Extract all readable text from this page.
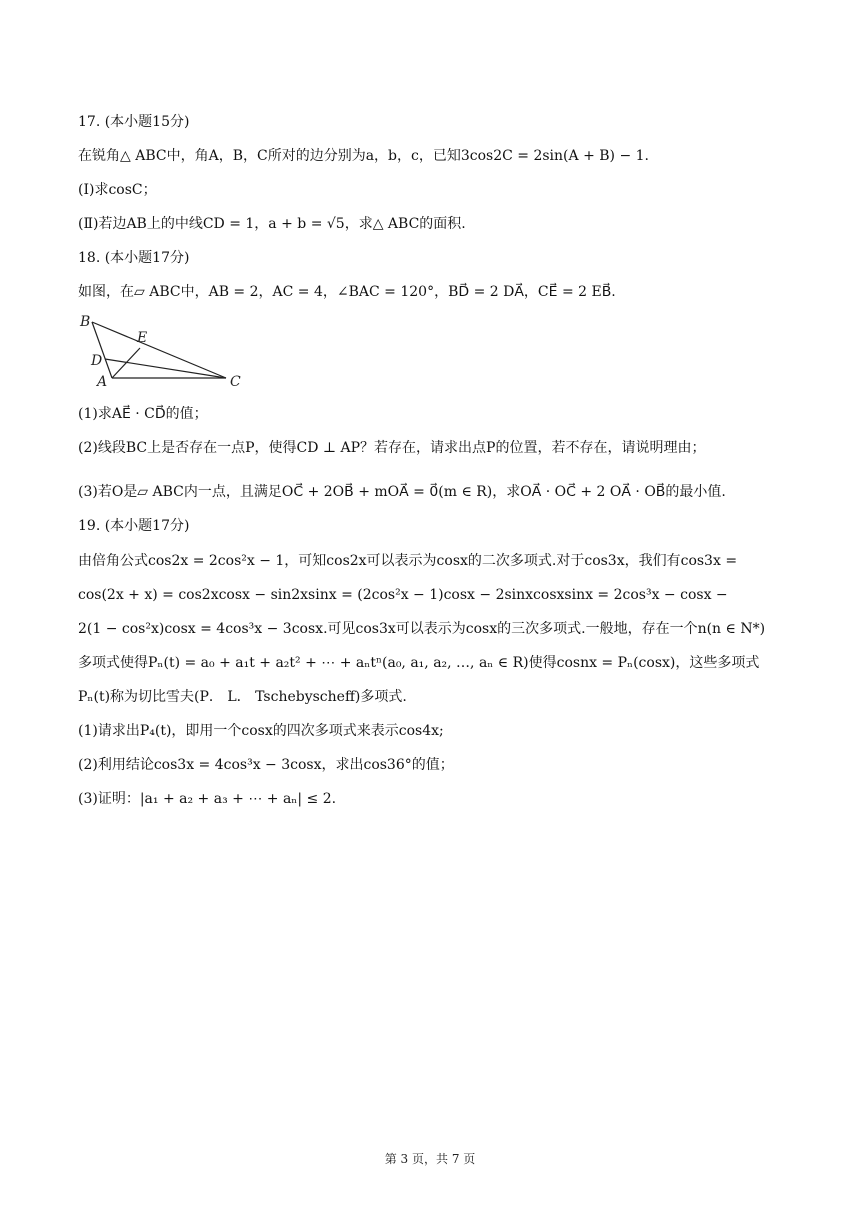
17. (本小题15分)
在锐角△ ABC中，角A，B，C所对的边分别为a，b，c，已知3cos2C = 2sin(A + B) − 1.
(Ⅰ)求cosC；
(Ⅱ)若边AB上的中线CD = 1，a + b = √5，求△ ABC的面积.
18. (本小题17分)
如图，在▱ ABC中，AB = 2，AC = 4，∠BAC = 120°，BD⃗ = 2 DA⃗，CE⃗ = 2 EB⃗.
B
E
D
A	C
(1)求AE⃗ · CD⃗的值；
(2)线段BC上是否存在一点P，使得CD ⊥ AP？若存在，请求出点P的位置，若不存在，请说明理由；
(3)若O是▱ ABC内一点，且满足OC⃗ + 2OB⃗ + mOA⃗ = 0⃗(m ∈ R)，求OA⃗ · OC⃗ + 2 OA⃗ · OB⃗的最小值.
19. (本小题17分)
由倍角公式cos2x = 2cos²x − 1，可知cos2x可以表示为cosx的二次多项式.对于cos3x，我们有cos3x =
cos(2x + x) = cos2xcosx − sin2xsinx = (2cos²x − 1)cosx − 2sinxcosxsinx = 2cos³x − cosx −
2(1 − cos²x)cosx = 4cos³x − 3cosx.可见cos3x可以表示为cosx的三次多项式.一般地，存在一个n(n ∈ N*)
多项式使得Pₙ(t) = a₀ + a₁t + a₂t² + ⋯ + aₙtⁿ(a₀, a₁, a₂, …, aₙ ∈ R)使得cosnx = Pₙ(cosx)，这些多项式
Pₙ(t)称为切比雪夫(P． L． Tschebyscheff)多项式.
(1)请求出P₄(t)，即用一个cosx的四次多项式来表示cos4x;
(2)利用结论cos3x = 4cos³x − 3cosx，求出cos36°的值；
(3)证明：|a₁ + a₂ + a₃ + ⋯ + aₙ| ≤ 2.
第 3 页，共 7 页
